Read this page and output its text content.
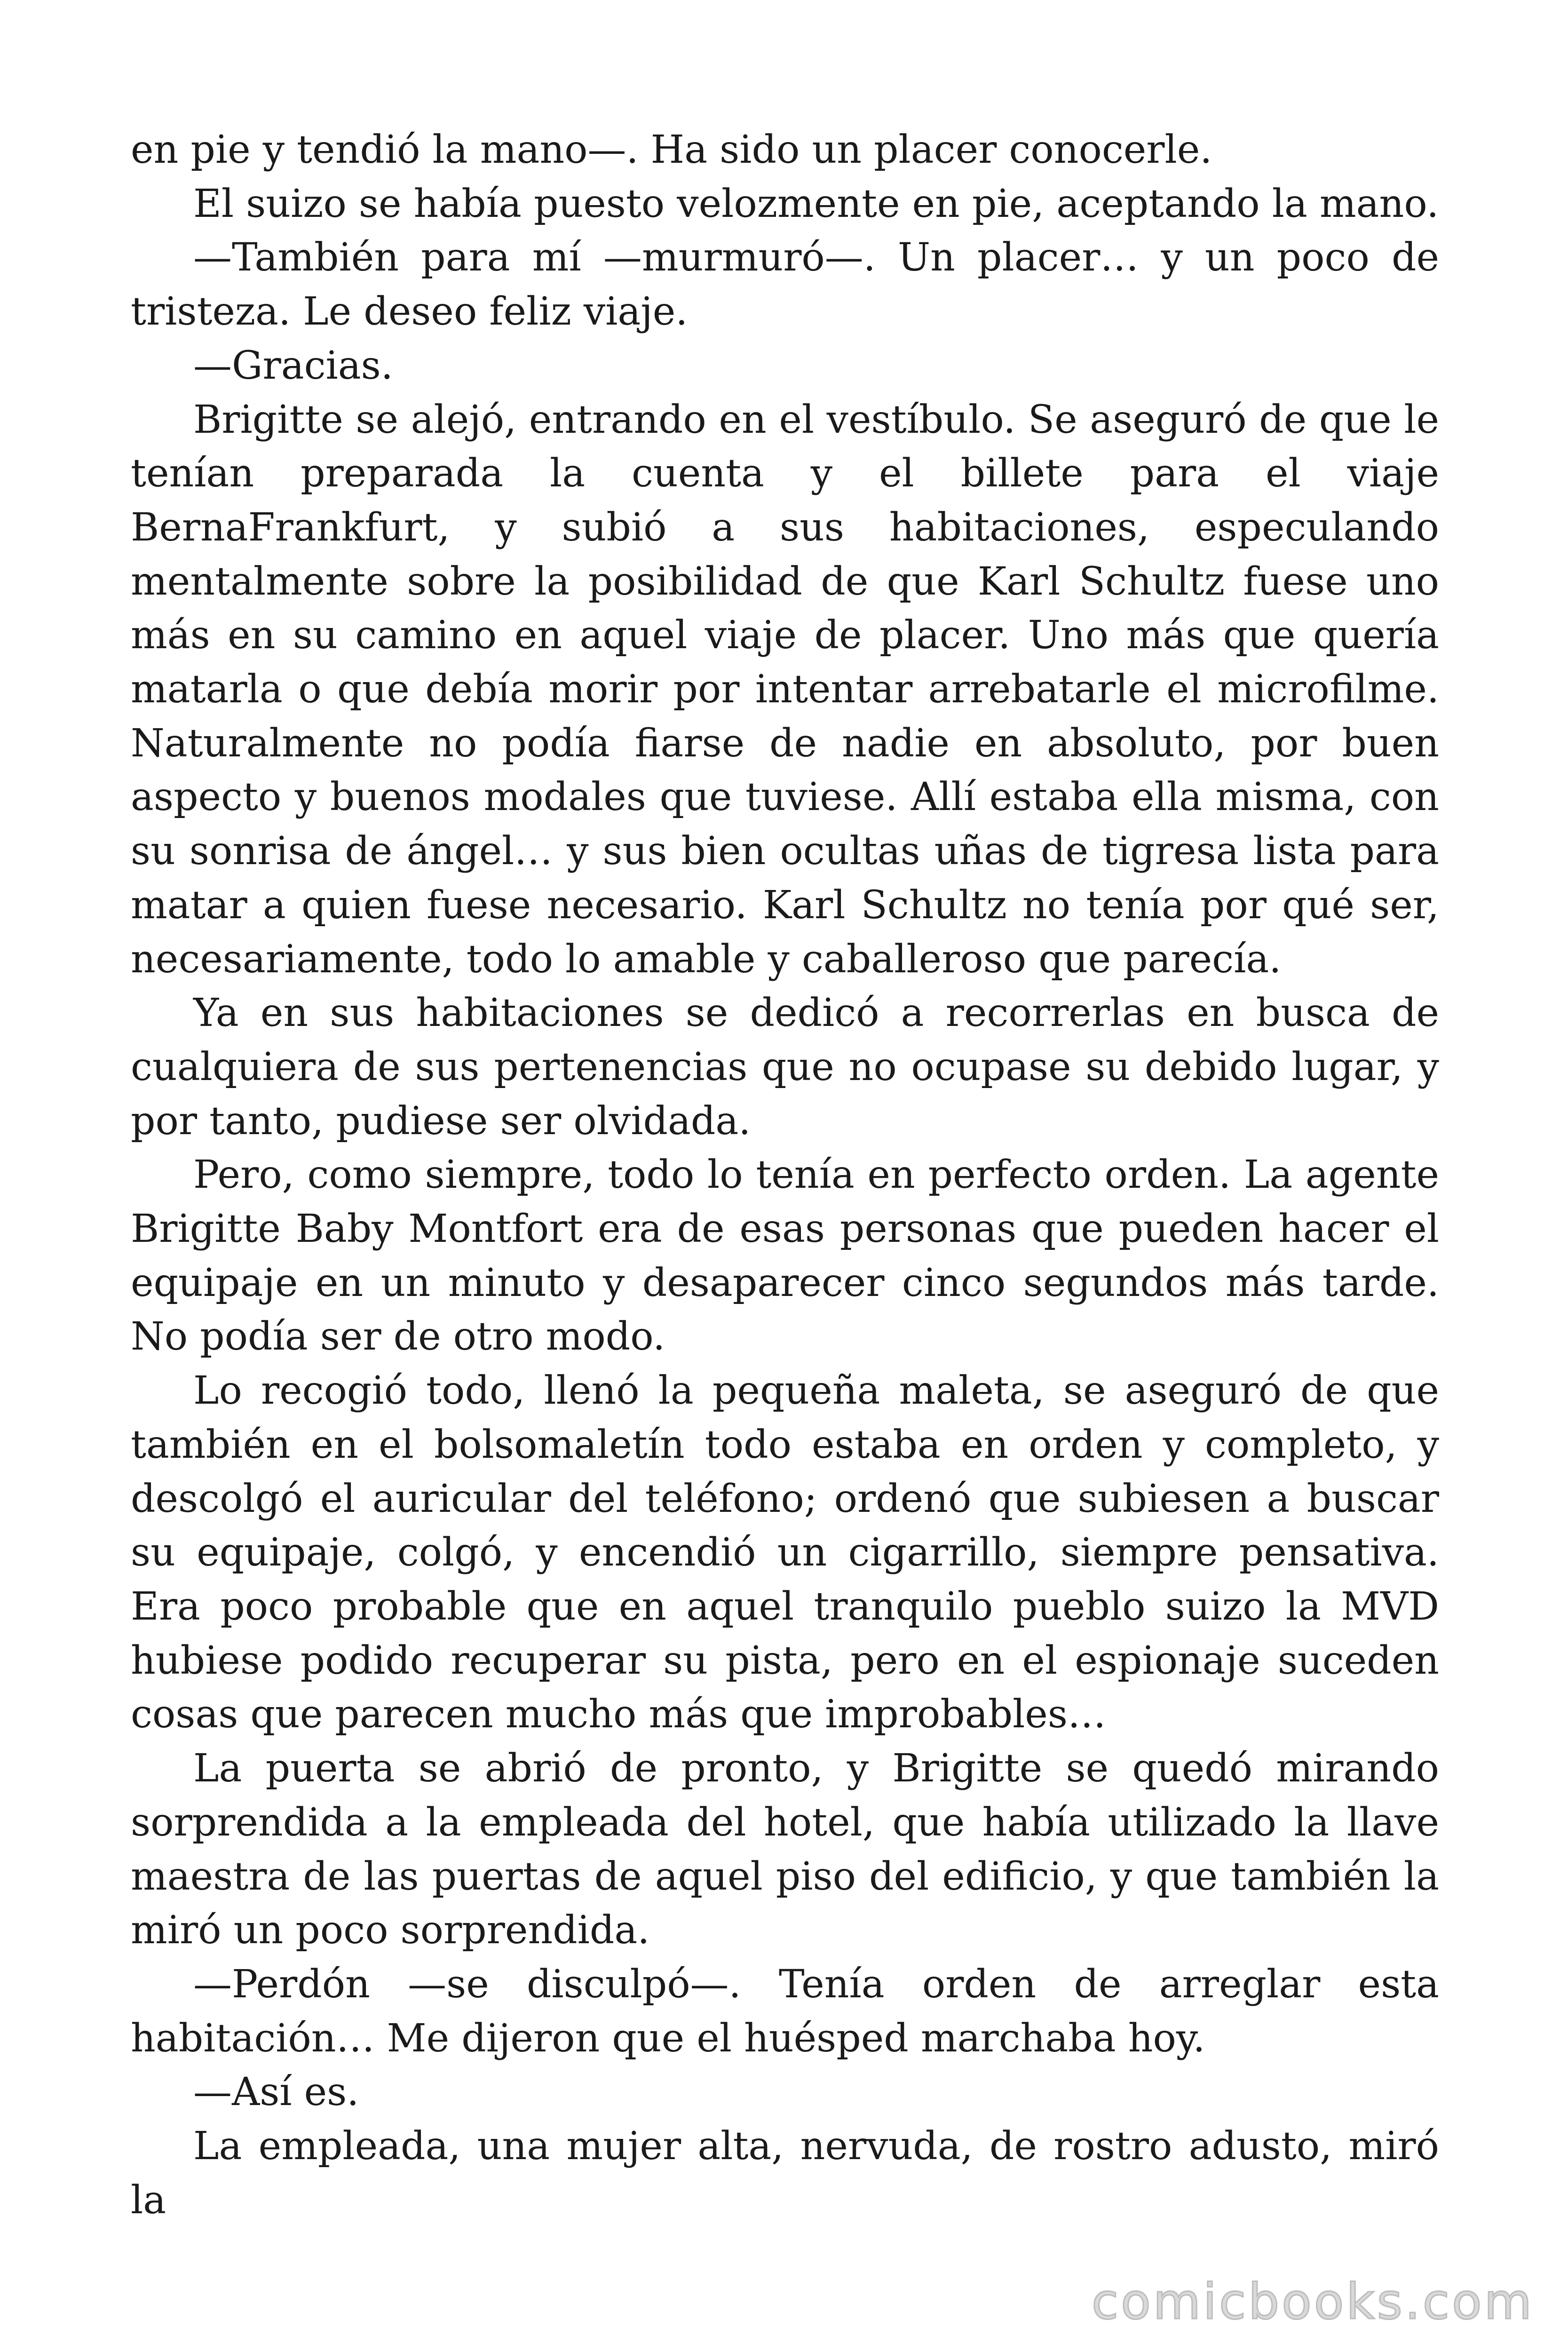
en pie y tendió la mano—. Ha sido un placer conocerle.

El suizo se había puesto velozmente en pie, aceptando la mano.

—También para mí —murmuró—. Un placer… y un poco de tristeza. Le deseo feliz viaje.

—Gracias.

Brigitte se alejó, entrando en el vestíbulo. Se aseguró de que le tenían preparada la cuenta y el billete para el viaje BernaFrankfurt, y subió a sus habitaciones, especulando mentalmente sobre la posibilidad de que Karl Schultz fuese uno más en su camino en aquel viaje de placer. Uno más que quería matarla o que debía morir por intentar arrebatarle el microfilme. Naturalmente no podía fiarse de nadie en absoluto, por buen aspecto y buenos modales que tuviese. Allí estaba ella misma, con su sonrisa de ángel… y sus bien ocultas uñas de tigresa lista para matar a quien fuese necesario. Karl Schultz no tenía por qué ser, necesariamente, todo lo amable y caballeroso que parecía.

Ya en sus habitaciones se dedicó a recorrerlas en busca de cualquiera de sus pertenencias que no ocupase su debido lugar, y por tanto, pudiese ser olvidada.

Pero, como siempre, todo lo tenía en perfecto orden. La agente Brigitte Baby Montfort era de esas personas que pueden hacer el equipaje en un minuto y desaparecer cinco segundos más tarde. No podía ser de otro modo.

Lo recogió todo, llenó la pequeña maleta, se aseguró de que también en el bolsomaletín todo estaba en orden y completo, y descolgó el auricular del teléfono; ordenó que subiesen a buscar su equipaje, colgó, y encendió un cigarrillo, siempre pensativa. Era poco probable que en aquel tranquilo pueblo suizo la MVD hubiese podido recuperar su pista, pero en el espionaje suceden cosas que parecen mucho más que improbables…

La puerta se abrió de pronto, y Brigitte se quedó mirando sorprendida a la empleada del hotel, que había utilizado la llave maestra de las puertas de aquel piso del edificio, y que también la miró un poco sorprendida.

—Perdón —se disculpó—. Tenía orden de arreglar esta habitación… Me dijeron que el huésped marchaba hoy.

—Así es.

La empleada, una mujer alta, nervuda, de rostro adusto, miró la

comicbooks.com
